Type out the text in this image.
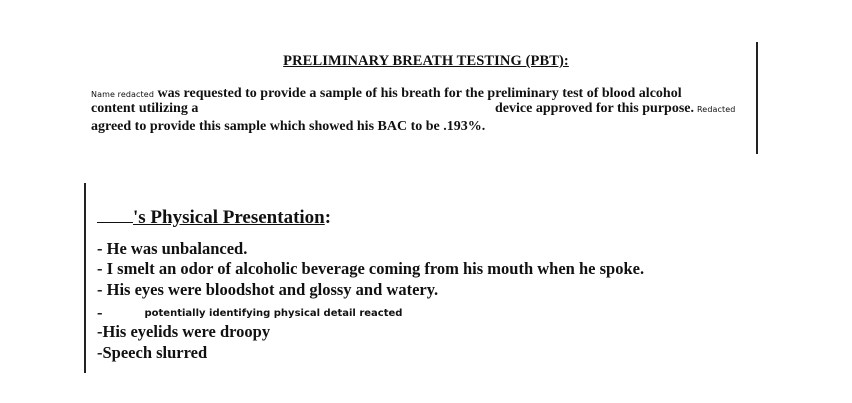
PRELIMINARY BREATH TESTING (PBT):
Name redacted was requested to provide a sample of his breath for the preliminary test of blood alcohol
content utilizing a	device approved for this purpose. Redacted
agreed to provide this sample which showed his BAC to be .193%.
's Physical Presentation:
- He was unbalanced.
- I smelt an odor of alcoholic beverage coming from his mouth when he spoke.
- His eyes were bloodshot and glossy and watery.
-	potentially identifying physical detail reacted
-His eyelids were droopy
-Speech slurred
